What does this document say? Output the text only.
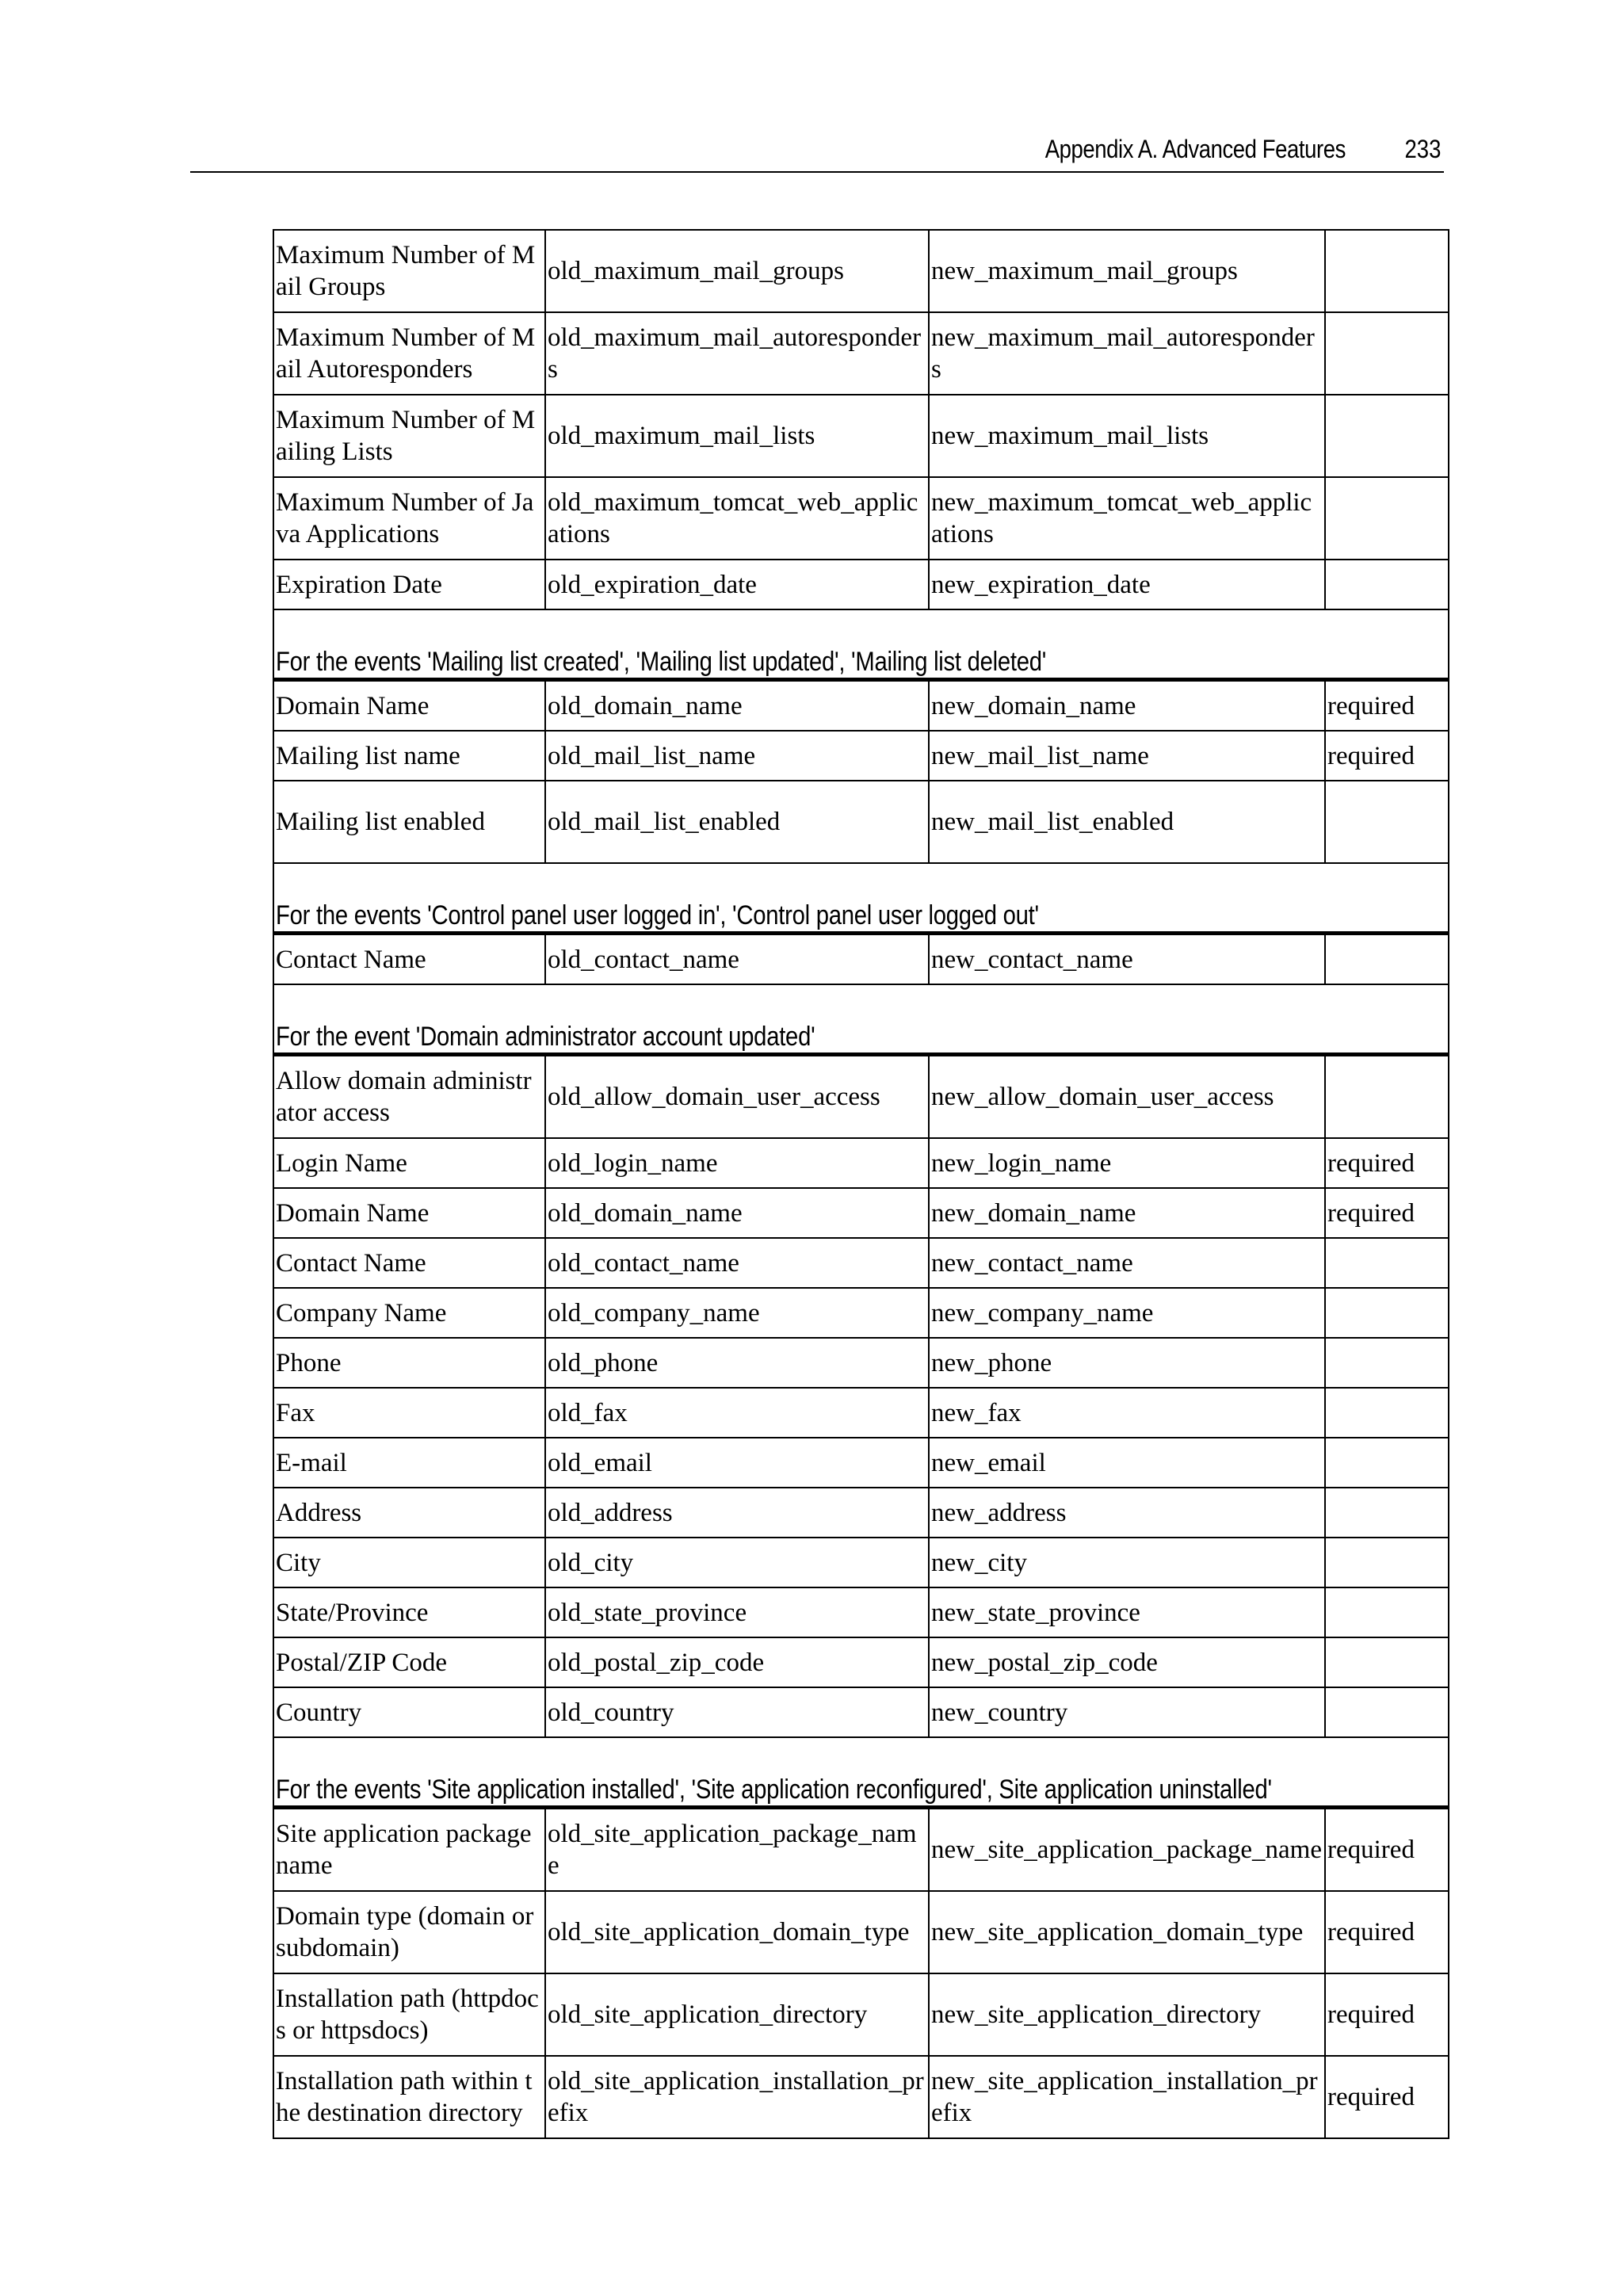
Appendix A. Advanced Features 233
Maximum Number of Mail Groups	old_maximum_mail_groups	new_maximum_mail_groups	
Maximum Number of Mail Autoresponders	old_maximum_mail_autoresponders	new_maximum_mail_autoresponders	
Maximum Number of Mailing Lists	old_maximum_mail_lists	new_maximum_mail_lists	
Maximum Number of Java Applications	old_maximum_tomcat_web_applications	new_maximum_tomcat_web_applications	
Expiration Date	old_expiration_date	new_expiration_date	
For the events 'Mailing list created', 'Mailing list updated', 'Mailing list deleted'			
Domain Name	old_domain_name	new_domain_name	required
Mailing list name	old_mail_list_name	new_mail_list_name	required
Mailing list enabled	old_mail_list_enabled	new_mail_list_enabled	
For the events 'Control panel user logged in', 'Control panel user logged out'			
Contact Name	old_contact_name	new_contact_name	
For the event 'Domain administrator account updated'			
Allow domain administrator access	old_allow_domain_user_access	new_allow_domain_user_access	
Login Name	old_login_name	new_login_name	required
Domain Name	old_domain_name	new_domain_name	required
Contact Name	old_contact_name	new_contact_name	
Company Name	old_company_name	new_company_name	
Phone	old_phone	new_phone	
Fax	old_fax	new_fax	
E-mail	old_email	new_email	
Address	old_address	new_address	
City	old_city	new_city	
State/Province	old_state_province	new_state_province	
Postal/ZIP Code	old_postal_zip_code	new_postal_zip_code	
Country	old_country	new_country	
For the events 'Site application installed', 'Site application reconfigured', Site application uninstalled'			
Site application package name	old_site_application_package_name	new_site_application_package_name	required
Domain type (domain or subdomain)	old_site_application_domain_type	new_site_application_domain_type	required
Installation path (httpdocs or httpsdocs)	old_site_application_directory	new_site_application_directory	required
Installation path within the destination directory	old_site_application_installation_prefix	new_site_application_installation_prefix	required
